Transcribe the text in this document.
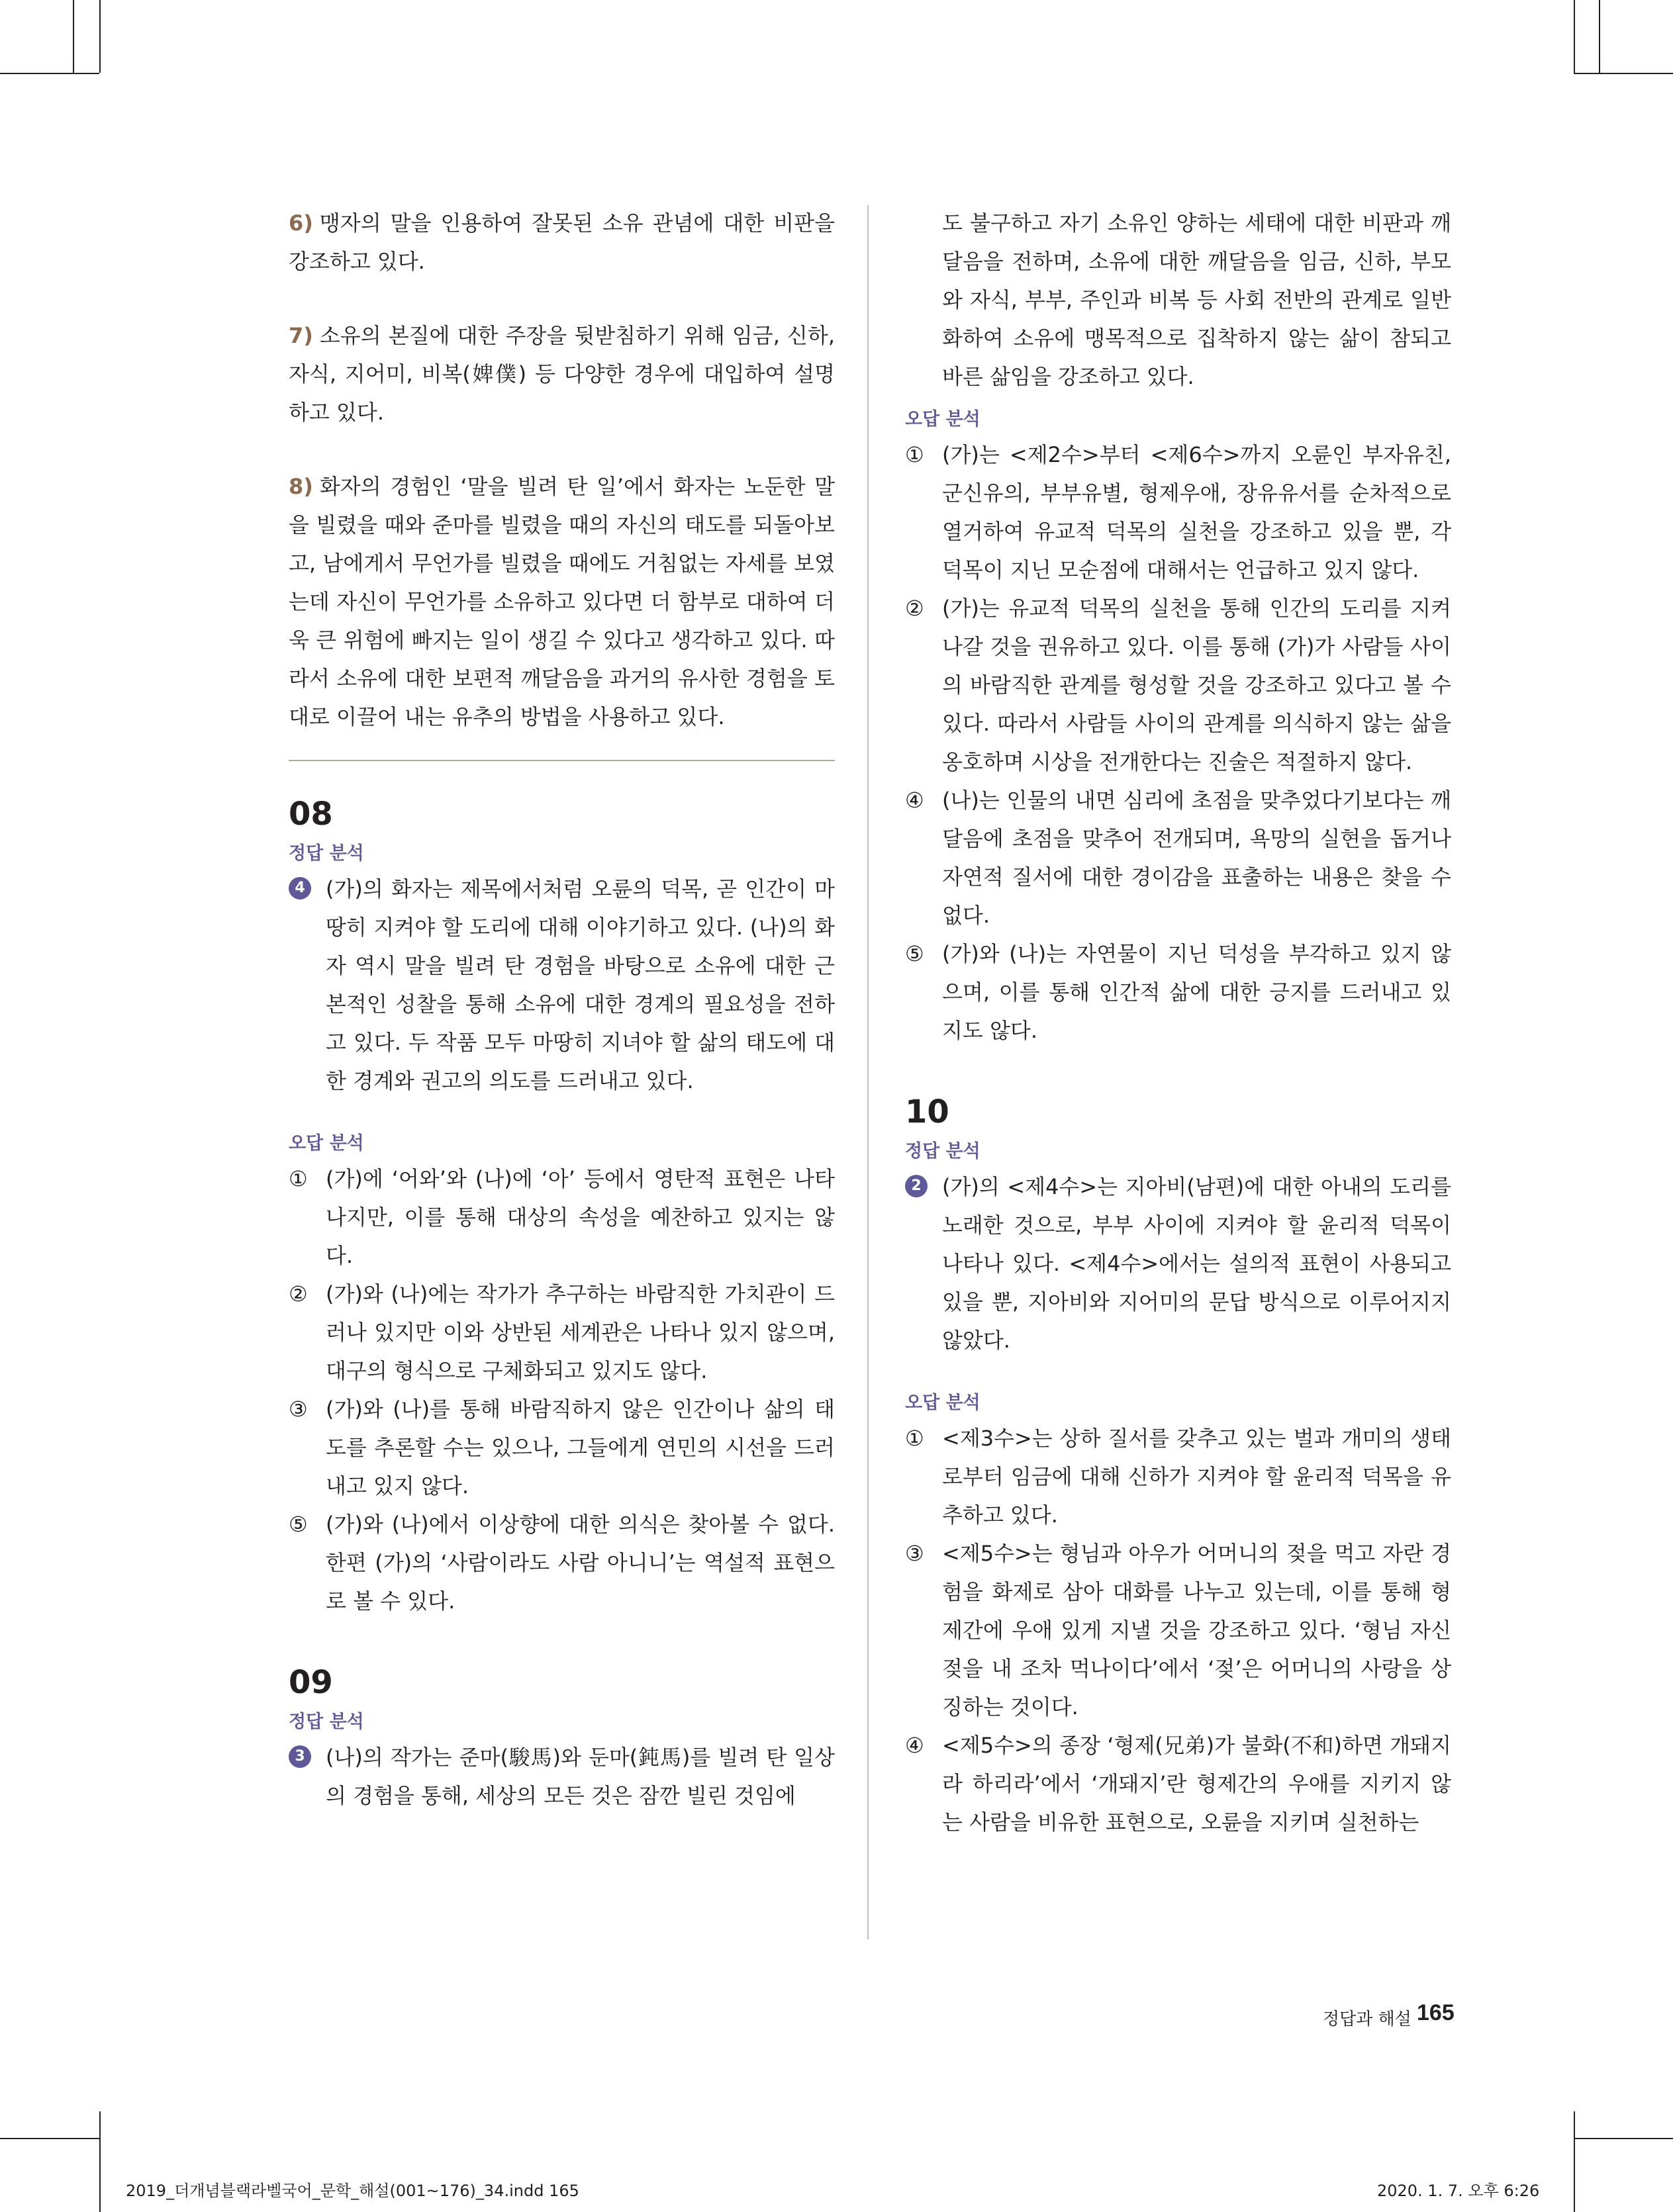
6) 맹자의 말을 인용하여 잘못된 소유 관념에 대한 비판을 강조하고 있다.

7) 소유의 본질에 대한 주장을 뒷받침하기 위해 임금, 신하, 자식, 지어미, 비복(婢僕) 등 다양한 경우에 대입하여 설명하고 있다.

8) 화자의 경험인 ‘말을 빌려 탄 일’에서 화자는 노둔한 말을 빌렸을 때와 준마를 빌렸을 때의 자신의 태도를 되돌아보고, 남에게서 무언가를 빌렸을 때에도 거침없는 자세를 보였는데 자신이 무언가를 소유하고 있다면 더 함부로 대하여 더욱 큰 위험에 빠지는 일이 생길 수 있다고 생각하고 있다. 따라서 소유에 대한 보편적 깨달음을 과거의 유사한 경험을 토대로 이끌어 내는 유추의 방법을 사용하고 있다.

08

정답 분석

4 (가)의 화자는 제목에서처럼 오륜의 덕목, 곧 인간이 마땅히 지켜야 할 도리에 대해 이야기하고 있다. (나)의 화자 역시 말을 빌려 탄 경험을 바탕으로 소유에 대한 근본적인 성찰을 통해 소유에 대한 경계의 필요성을 전하고 있다. 두 작품 모두 마땅히 지녀야 할 삶의 태도에 대한 경계와 권고의 의도를 드러내고 있다.

오답 분석

① (가)에 ‘어와’와 (나)에 ‘아’ 등에서 영탄적 표현은 나타나지만, 이를 통해 대상의 속성을 예찬하고 있지는 않다.

② (가)와 (나)에는 작가가 추구하는 바람직한 가치관이 드러나 있지만 이와 상반된 세계관은 나타나 있지 않으며, 대구의 형식으로 구체화되고 있지도 않다.

③ (가)와 (나)를 통해 바람직하지 않은 인간이나 삶의 태도를 추론할 수는 있으나, 그들에게 연민의 시선을 드러내고 있지 않다.

⑤ (가)와 (나)에서 이상향에 대한 의식은 찾아볼 수 없다. 한편 (가)의 ‘사람이라도 사람 아니니’는 역설적 표현으로 볼 수 있다.

09

정답 분석

3 (나)의 작가는 준마(駿馬)와 둔마(鈍馬)를 빌려 탄 일상의 경험을 통해, 세상의 모든 것은 잠깐 빌린 것임에

도 불구하고 자기 소유인 양하는 세태에 대한 비판과 깨달음을 전하며, 소유에 대한 깨달음을 임금, 신하, 부모와 자식, 부부, 주인과 비복 등 사회 전반의 관계로 일반화하여 소유에 맹목적으로 집착하지 않는 삶이 참되고 바른 삶임을 강조하고 있다.

오답 분석

① (가)는 <제2수>부터 <제6수>까지 오륜인 부자유친, 군신유의, 부부유별, 형제우애, 장유유서를 순차적으로 열거하여 유교적 덕목의 실천을 강조하고 있을 뿐, 각 덕목이 지닌 모순점에 대해서는 언급하고 있지 않다.

② (가)는 유교적 덕목의 실천을 통해 인간의 도리를 지켜 나갈 것을 권유하고 있다. 이를 통해 (가)가 사람들 사이의 바람직한 관계를 형성할 것을 강조하고 있다고 볼 수 있다. 따라서 사람들 사이의 관계를 의식하지 않는 삶을 옹호하며 시상을 전개한다는 진술은 적절하지 않다.

④ (나)는 인물의 내면 심리에 초점을 맞추었다기보다는 깨달음에 초점을 맞추어 전개되며, 욕망의 실현을 돕거나 자연적 질서에 대한 경이감을 표출하는 내용은 찾을 수 없다.

⑤ (가)와 (나)는 자연물이 지닌 덕성을 부각하고 있지 않으며, 이를 통해 인간적 삶에 대한 긍지를 드러내고 있지도 않다.

10

정답 분석

2 (가)의 <제4수>는 지아비(남편)에 대한 아내의 도리를 노래한 것으로, 부부 사이에 지켜야 할 윤리적 덕목이 나타나 있다. <제4수>에서는 설의적 표현이 사용되고 있을 뿐, 지아비와 지어미의 문답 방식으로 이루어지지 않았다.

오답 분석

① <제3수>는 상하 질서를 갖추고 있는 벌과 개미의 생태로부터 임금에 대해 신하가 지켜야 할 윤리적 덕목을 유추하고 있다.

③ <제5수>는 형님과 아우가 어머니의 젖을 먹고 자란 경험을 화제로 삼아 대화를 나누고 있는데, 이를 통해 형제간에 우애 있게 지낼 것을 강조하고 있다. ‘형님 자신 젖을 내 조차 먹나이다’에서 ‘젖’은 어머니의 사랑을 상징하는 것이다.

④ <제5수>의 종장 ‘형제(兄弟)가 불화(不和)하면 개돼지라 하리라’에서 ‘개돼지’란 형제간의 우애를 지키지 않는 사람을 비유한 표현으로, 오륜을 지키며 실천하는

정답과 해설 165
2019_더개념블랙라벨국어_문학_해설(001~176)_34.indd 165	2020. 1. 7. 오후 6:26
